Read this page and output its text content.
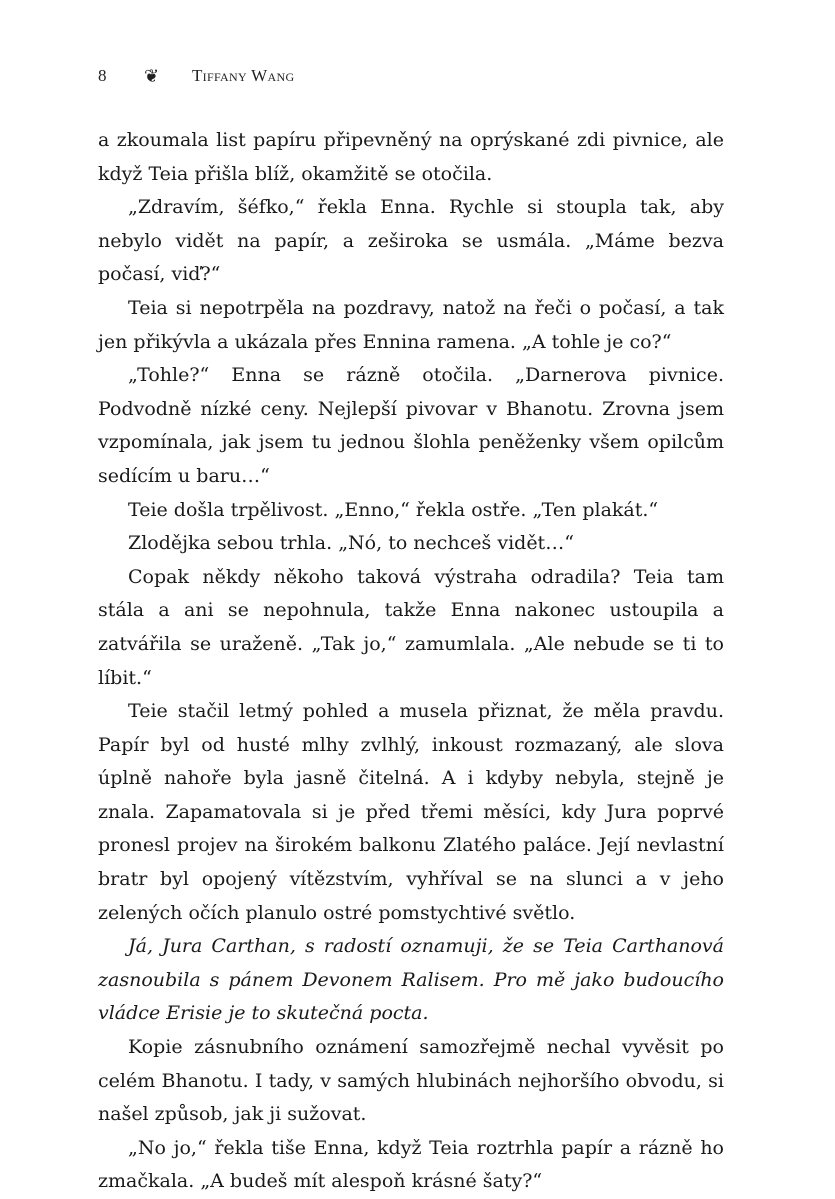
8	❦	Tiffany Wang

a zkoumala list papíru připevněný na oprýskané zdi pivnice, ale když Teia přišla blíž, okamžitě se otočila.

„Zdravím, šéfko,“ řekla Enna. Rychle si stoupla tak, aby nebylo vidět na papír, a zeširoka se usmála. „Máme bezva počasí, viď?“

Teia si nepotrpěla na pozdravy, natož na řeči o počasí, a tak jen přikývla a ukázala přes Ennina ramena. „A tohle je co?“

„Tohle?“ Enna se rázně otočila. „Darnerova pivnice. Podvodně nízké ceny. Nejlepší pivovar v Bhanotu. Zrovna jsem vzpomínala, jak jsem tu jednou šlohla peněženky všem opilcům sedícím u baru…“

Teie došla trpělivost. „Enno,“ řekla ostře. „Ten plakát.“

Zlodějka sebou trhla. „Nó, to nechceš vidět…“

Copak někdy někoho taková výstraha odradila? Teia tam stála a ani se nepohnula, takže Enna nakonec ustoupila a zatvářila se uraženě. „Tak jo,“ zamumlala. „Ale nebude se ti to líbit.“

Teie stačil letmý pohled a musela přiznat, že měla pravdu. Papír byl od husté mlhy zvlhlý, inkoust rozmazaný, ale slova úplně nahoře byla jasně čitelná. A i kdyby nebyla, stejně je znala. Zapamatovala si je před třemi měsíci, kdy Jura poprvé pronesl projev na širokém balkonu Zlatého paláce. Její nevlastní bratr byl opojený vítězstvím, vyhříval se na slunci a v jeho zelených očích planulo ostré pomstychtivé světlo.

Já, Jura Carthan, s radostí oznamuji, že se Teia Carthanová zasnoubila s pánem Devonem Ralisem. Pro mě jako budoucího vládce Erisie je to skutečná pocta.

Kopie zásnubního oznámení samozřejmě nechal vyvěsit po celém Bhanotu. I tady, v samých hlubinách nejhoršího obvodu, si našel způsob, jak ji sužovat.

„No jo,“ řekla tiše Enna, když Teia roztrhla papír a rázně ho zmačkala. „A budeš mít alespoň krásné šaty?“
